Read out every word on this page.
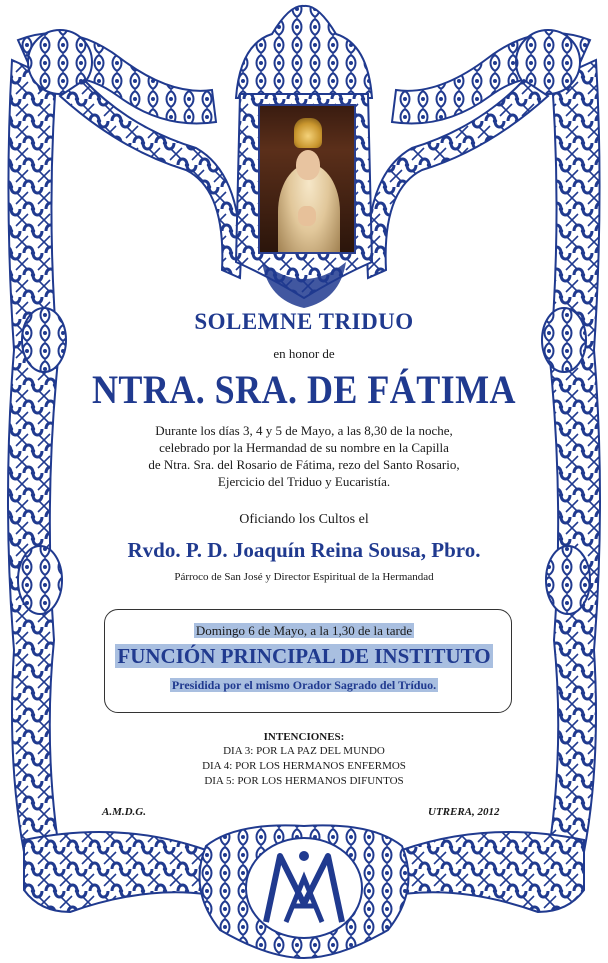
SOLEMNE TRIDUO
en honor de
NTRA. SRA. DE FÁTIMA
Durante los días 3, 4 y 5 de Mayo, a las 8,30 de la noche,
celebrado por la Hermandad de su nombre en la Capilla
de Ntra. Sra. del Rosario de Fátima, rezo del Santo Rosario,
Ejercicio del Triduo y Eucaristía.
Oficiando los Cultos el
Rvdo. P. D. Joaquín Reina Sousa, Pbro.
Párroco de San José y Director Espiritual de la Hermandad
Domingo 6 de Mayo, a la 1,30 de la tarde
FUNCIÓN PRINCIPAL DE INSTITUTO
Presidida por el mismo Orador Sagrado del Tríduo.
INTENCIONES:
DIA 3: POR LA PAZ DEL MUNDO
DIA 4: POR LOS HERMANOS ENFERMOS
DIA 5: POR LOS HERMANOS DIFUNTOS
A.M.D.G.	UTRERA, 2012
